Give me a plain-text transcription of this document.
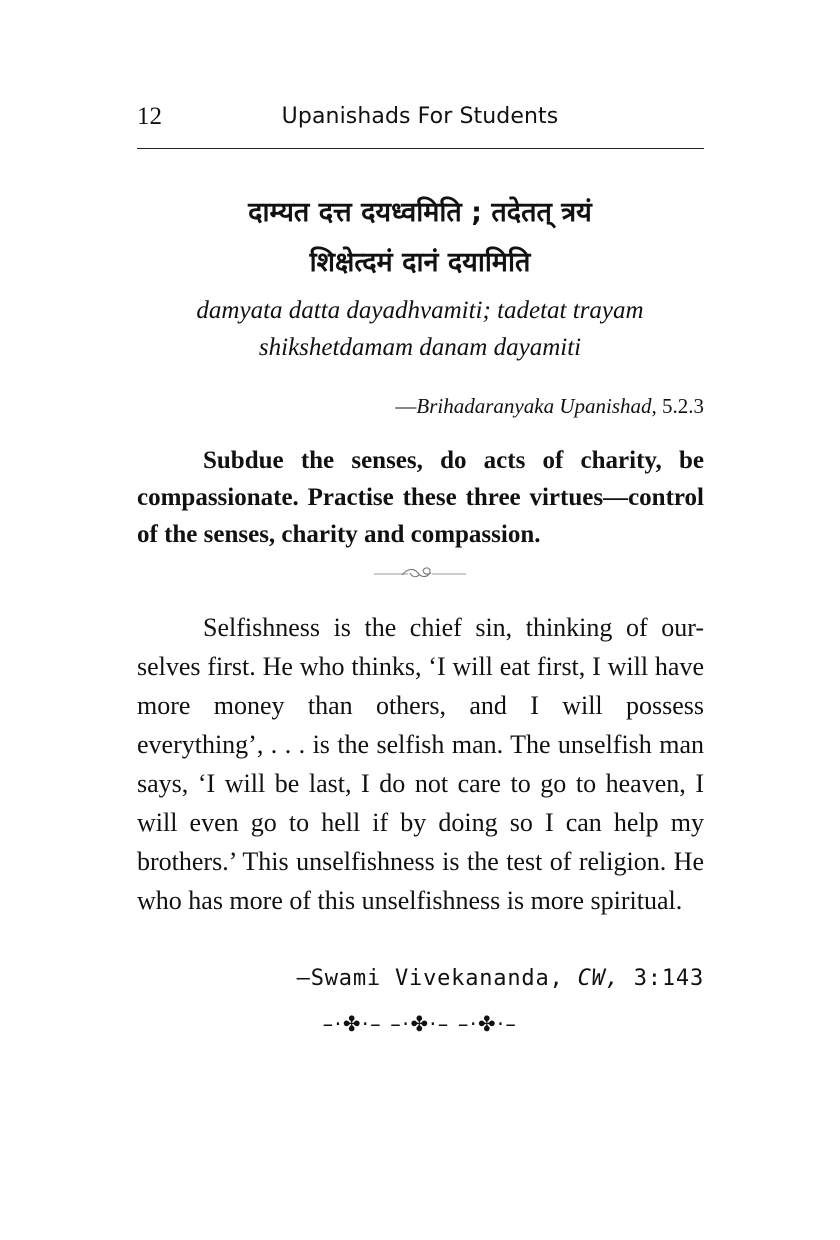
12	Upanishads For Students
दाम्यत दत्त दयध्वमिति ; तदेतत् त्रयं
शिक्षेत्दमं दानं दयामिति
damyata datta dayadhvamiti; tadetat trayam
shikshetdamam danam dayamiti
—Brihadaranyaka Upanishad, 5.2.3

Subdue the senses, do acts of charity, be compassionate. Practise these three virtues—control of the senses, charity and compassion.

Selfishness is the chief sin, thinking of our-selves first. He who thinks, ‘I will eat first, I will have more money than others, and I will possess everything’, . . . is the selfish man. The unselfish man says, ‘I will be last, I do not care to go to heaven, I will even go to hell if by doing so I can help my brothers.’ This unselfishness is the test of religion. He who has more of this unselfishness is more spiritual.

—Swami Vivekananda, CW, 3:143
–·✤·– –·✤·– –·✤·–
